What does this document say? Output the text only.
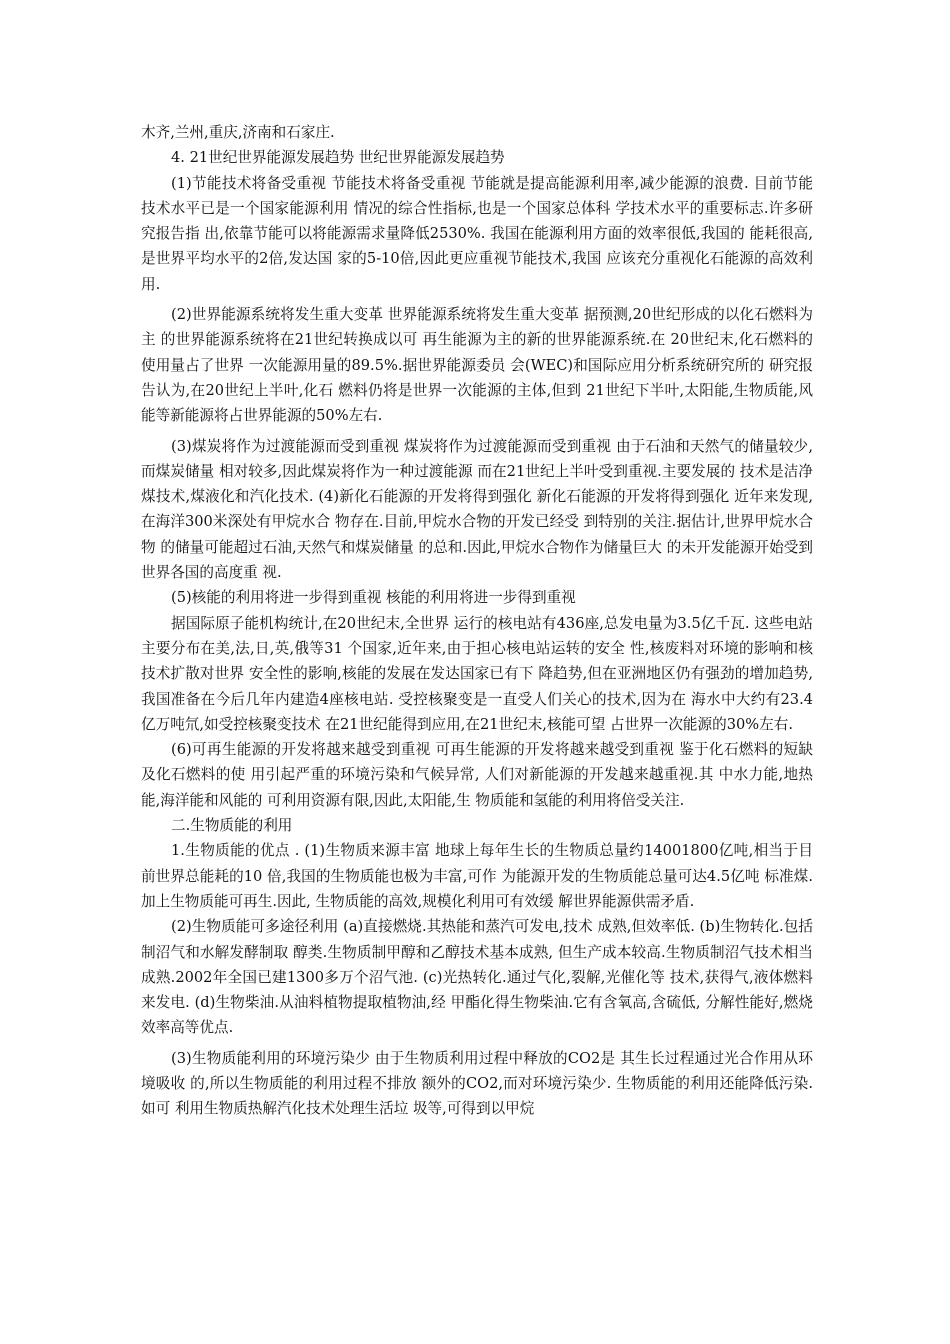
木齐,兰州,重庆,济南和石家庄.

4. 21世纪世界能源发展趋势 世纪世界能源发展趋势

(1)节能技术将备受重视 节能技术将备受重视 节能就是提高能源利用率,减少能源的浪费. 目前节能技术水平已是一个国家能源利用 情况的综合性指标,也是一个国家总体科 学技术水平的重要标志.许多研究报告指 出,依靠节能可以将能源需求量降低2530%. 我国在能源利用方面的效率很低,我国的 能耗很高,是世界平均水平的2倍,发达国 家的5-10倍,因此更应重视节能技术,我国 应该充分重视化石能源的高效利用.

(2)世界能源系统将发生重大变革 世界能源系统将发生重大变革 据预测,20世纪形成的以化石燃料为主 的世界能源系统将在21世纪转换成以可 再生能源为主的新的世界能源系统.在 20世纪末,化石燃料的使用量占了世界 一次能源用量的89.5%.据世界能源委员 会(WEC)和国际应用分析系统研究所的 研究报告认为,在20世纪上半叶,化石 燃料仍将是世界一次能源的主体,但到 21世纪下半叶,太阳能,生物质能,风 能等新能源将占世界能源的50%左右.

(3)煤炭将作为过渡能源而受到重视 煤炭将作为过渡能源而受到重视 由于石油和天然气的储量较少,而煤炭储量 相对较多,因此煤炭将作为一种过渡能源 而在21世纪上半叶受到重视.主要发展的 技术是洁净煤技术,煤液化和汽化技术. (4)新化石能源的开发将得到强化 新化石能源的开发将得到强化 近年来发现,在海洋300米深处有甲烷水合 物存在.目前,甲烷水合物的开发已经受 到特别的关注.据估计,世界甲烷水合物 的储量可能超过石油,天然气和煤炭储量 的总和.因此,甲烷水合物作为储量巨大 的未开发能源开始受到世界各国的高度重 视.

(5)核能的利用将进一步得到重视 核能的利用将进一步得到重视

据国际原子能机构统计,在20世纪末,全世界 运行的核电站有436座,总发电量为3.5亿千瓦. 这些电站主要分布在美,法,日,英,俄等31 个国家,近年来,由于担心核电站运转的安全 性,核废料对环境的影响和核技术扩散对世界 安全性的影响,核能的发展在发达国家已有下 降趋势,但在亚洲地区仍有强劲的增加趋势, 我国准备在今后几年内建造4座核电站. 受控核聚变是一直受人们关心的技术,因为在 海水中大约有23.4亿万吨氘,如受控核聚变技术 在21世纪能得到应用,在21世纪末,核能可望 占世界一次能源的30%左右.

(6)可再生能源的开发将越来越受到重视 可再生能源的开发将越来越受到重视 鉴于化石燃料的短缺及化石燃料的使 用引起严重的环境污染和气候异常, 人们对新能源的开发越来越重视.其 中水力能,地热能,海洋能和风能的 可利用资源有限,因此,太阳能,生 物质能和氢能的利用将倍受关注.

二.生物质能的利用

1.生物质能的优点 . (1)生物质来源丰富 地球上每年生长的生物质总量约14001800亿吨,相当于目前世界总能耗的10 倍,我国的生物质能也极为丰富,可作 为能源开发的生物质能总量可达4.5亿吨 标准煤.加上生物质能可再生.因此, 生物质能的高效,规模化利用可有效缓 解世界能源供需矛盾.

(2)生物质能可多途径利用 (a)直接燃烧.其热能和蒸汽可发电,技术 成熟,但效率低. (b)生物转化.包括制沼气和水解发酵制取 醇类.生物质制甲醇和乙醇技术基本成熟, 但生产成本较高.生物质制沼气技术相当 成熟.2002年全国已建1300多万个沼气池. (c)光热转化.通过气化,裂解,光催化等 技术,获得气,液体燃料来发电. (d)生物柴油.从油料植物提取植物油,经 甲酯化得生物柴油.它有含氧高,含硫低, 分解性能好,燃烧效率高等优点.

(3)生物质能利用的环境污染少 由于生物质利用过程中释放的CO2是 其生长过程通过光合作用从环境吸收 的,所以生物质能的利用过程不排放 额外的CO2,而对环境污染少. 生物质能的利用还能降低污染.如可 利用生物质热解汽化技术处理生活垃 圾等,可得到以甲烷
